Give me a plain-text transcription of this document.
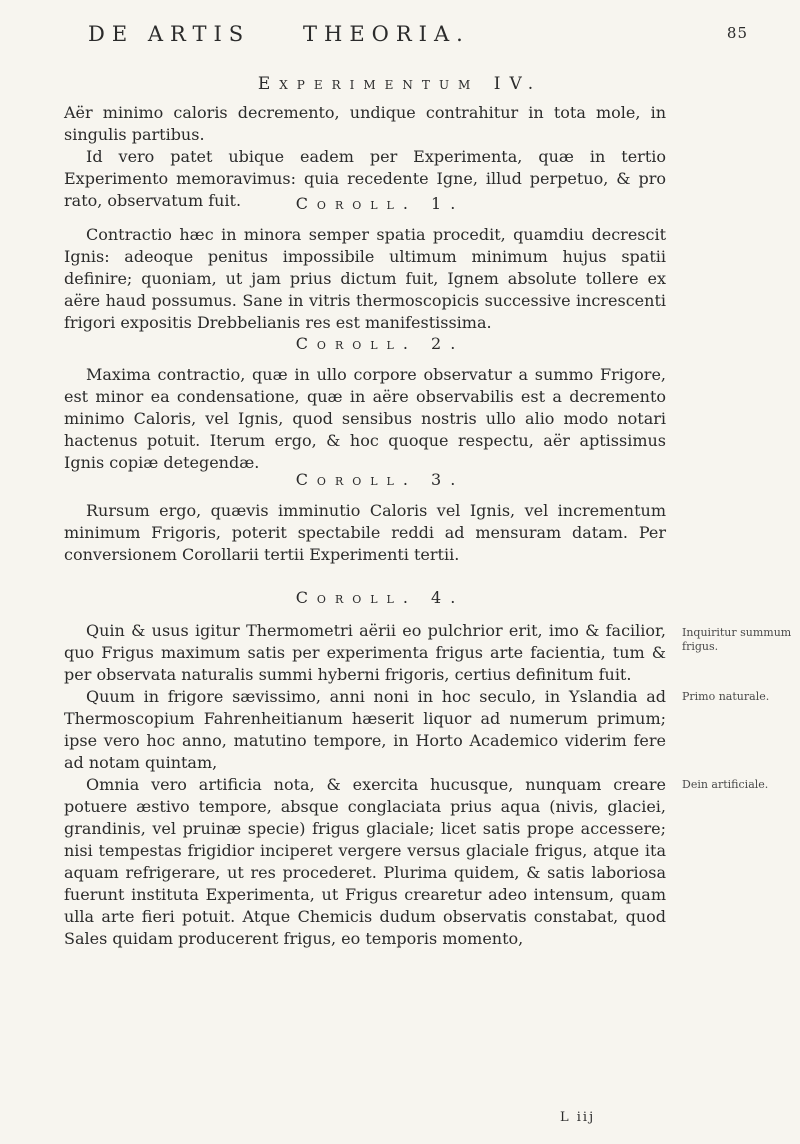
DE ARTIS	THEORIA.	85
Experimentum IV.

Aër minimo caloris decremento, undique contrahitur in tota mole, in singulis partibus.

Id vero patet ubique eadem per Experimenta, quæ in tertio Experimento memoravimus: quia recedente Igne, illud perpetuo, & pro rato, observatum fuit.	Coroll. 1.

Contractio hæc in minora semper spatia procedit, quamdiu decrescit Ignis: adeoque penitus impossibile ultimum minimum hujus spatii definire; quoniam, ut jam prius dictum fuit, Ignem absolute tollere ex aëre haud possumus. Sane in vitris thermoscopicis successive increscenti frigori expositis Drebbelianis res est manifestissima.

Coroll. 2.

Maxima contractio, quæ in ullo corpore observatur a summo Frigore, est minor ea condensatione, quæ in aëre observabilis est a decremento minimo Caloris, vel Ignis, quod sensibus nostris ullo alio modo notari hactenus potuit. Iterum ergo, & hoc quoque respectu, aër aptissimus Ignis copiæ detegendæ.

Coroll. 3.

Rursum ergo, quævis imminutio Caloris vel Ignis, vel incrementum minimum Frigoris, poterit spectabile reddi ad mensuram datam. Per conversionem Corollarii tertii Experimenti tertii.

Coroll. 4.

Quin & usus igitur Thermometri aërii eo pulchrior erit, imo & facilior, quo Frigus maximum satis per experimenta frigus arte facientia, tum & per observata naturalis summi hyberni frigoris, certius definitum fuit.

Quum in frigore sævissimo, anni noni in hoc seculo, in Yslandia ad Thermoscopium Fahrenheitianum hæserit liquor ad numerum primum; ipse vero hoc anno, matutino tempore, in Horto Academico viderim fere ad notam quintam,

Omnia vero artificia nota, & exercita hucusque, nunquam creare potuere æstivo tempore, absque conglaciata prius aqua (nivis, glaciei, grandinis, vel pruinæ specie) frigus glaciale; licet satis prope accessere; nisi tempestas frigidior inciperet vergere versus glaciale frigus, atque ita aquam refrigerare, ut res procederet. Plurima quidem, & satis laboriosa fuerunt instituta Experimenta, ut Frigus crearetur adeo intensum, quam ulla arte fieri potuit. Atque Chemicis dudum observatis constabat, quod Sales quidam producerent frigus, eo temporis momento,

Inquiritur summum frigus.
Primo naturale.
Dein artificiale.
L iij
